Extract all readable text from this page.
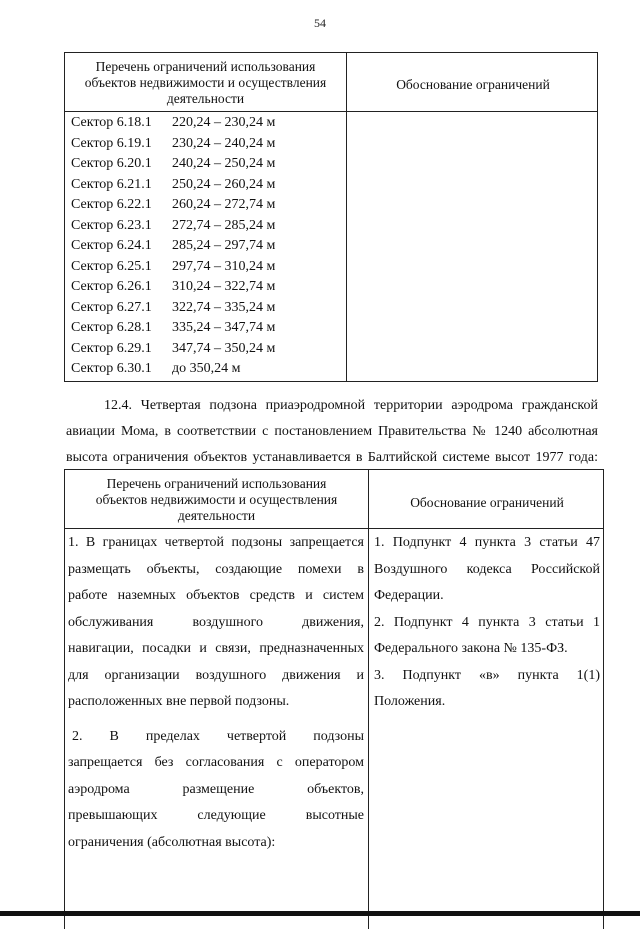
54
Перечень ограничений использования
объектов недвижимости и осуществления
деятельности
Обоснование ограничений
Сектор 6.18.1 220,24 – 230,24 м
Сектор 6.19.1 230,24 – 240,24 м
Сектор 6.20.1 240,24 – 250,24 м
Сектор 6.21.1 250,24 – 260,24 м
Сектор 6.22.1 260,24 – 272,74 м
Сектор 6.23.1 272,74 – 285,24 м
Сектор 6.24.1 285,24 – 297,74 м
Сектор 6.25.1 297,74 – 310,24 м
Сектор 6.26.1 310,24 – 322,74 м
Сектор 6.27.1 322,74 – 335,24 м
Сектор 6.28.1 335,24 – 347,74 м
Сектор 6.29.1 347,74 – 350,24 м
Сектор 6.30.1 до 350,24 м
12.4. Четвертая подзона приаэродромной территории аэродрома гражданской
авиации Мома, в соответствии с постановлением Правительства № 1240 абсолютная
высота ограничения объектов устанавливается в Балтийской системе высот 1977 года:
Перечень ограничений использования
объектов недвижимости и осуществления
деятельности
Обоснование ограничений
1. В границах четвертой подзоны запрещается
размещать объекты, создающие помехи в
работе наземных объектов средств и систем
обслуживания воздушного движения,
навигации, посадки и связи, предназначенных
для организации воздушного движения и
расположенных вне первой подзоны.
2. В пределах четвертой подзоны
запрещается без согласования с оператором
аэродрома размещение объектов,
превышающих следующие высотные
ограничения (абсолютная высота):
1. Подпункт 4 пункта 3 статьи 47
Воздушного кодекса Российской
Федерации.
2. Подпункт 4 пункта 3 статьи 1
Федерального закона № 135-ФЗ.
3. Подпункт «в» пункта 1(1)
Положения.
